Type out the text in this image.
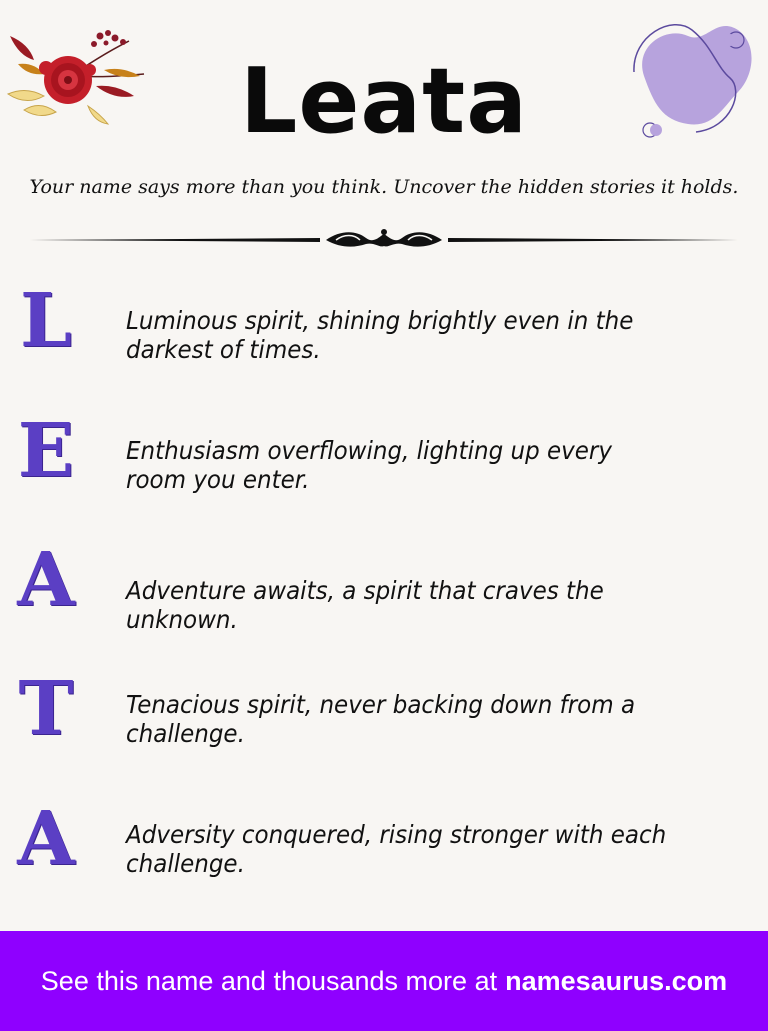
Leata
Your name says more than you think. Uncover the hidden stories it holds.
L Luminous spirit, shining brightly even in the darkest of times.
E Enthusiasm overflowing, lighting up every room you enter.
A Adventure awaits, a spirit that craves the unknown.
T Tenacious spirit, never backing down from a challenge.
A Adversity conquered, rising stronger with each challenge.
See this name and thousands more at namesaurus.com
